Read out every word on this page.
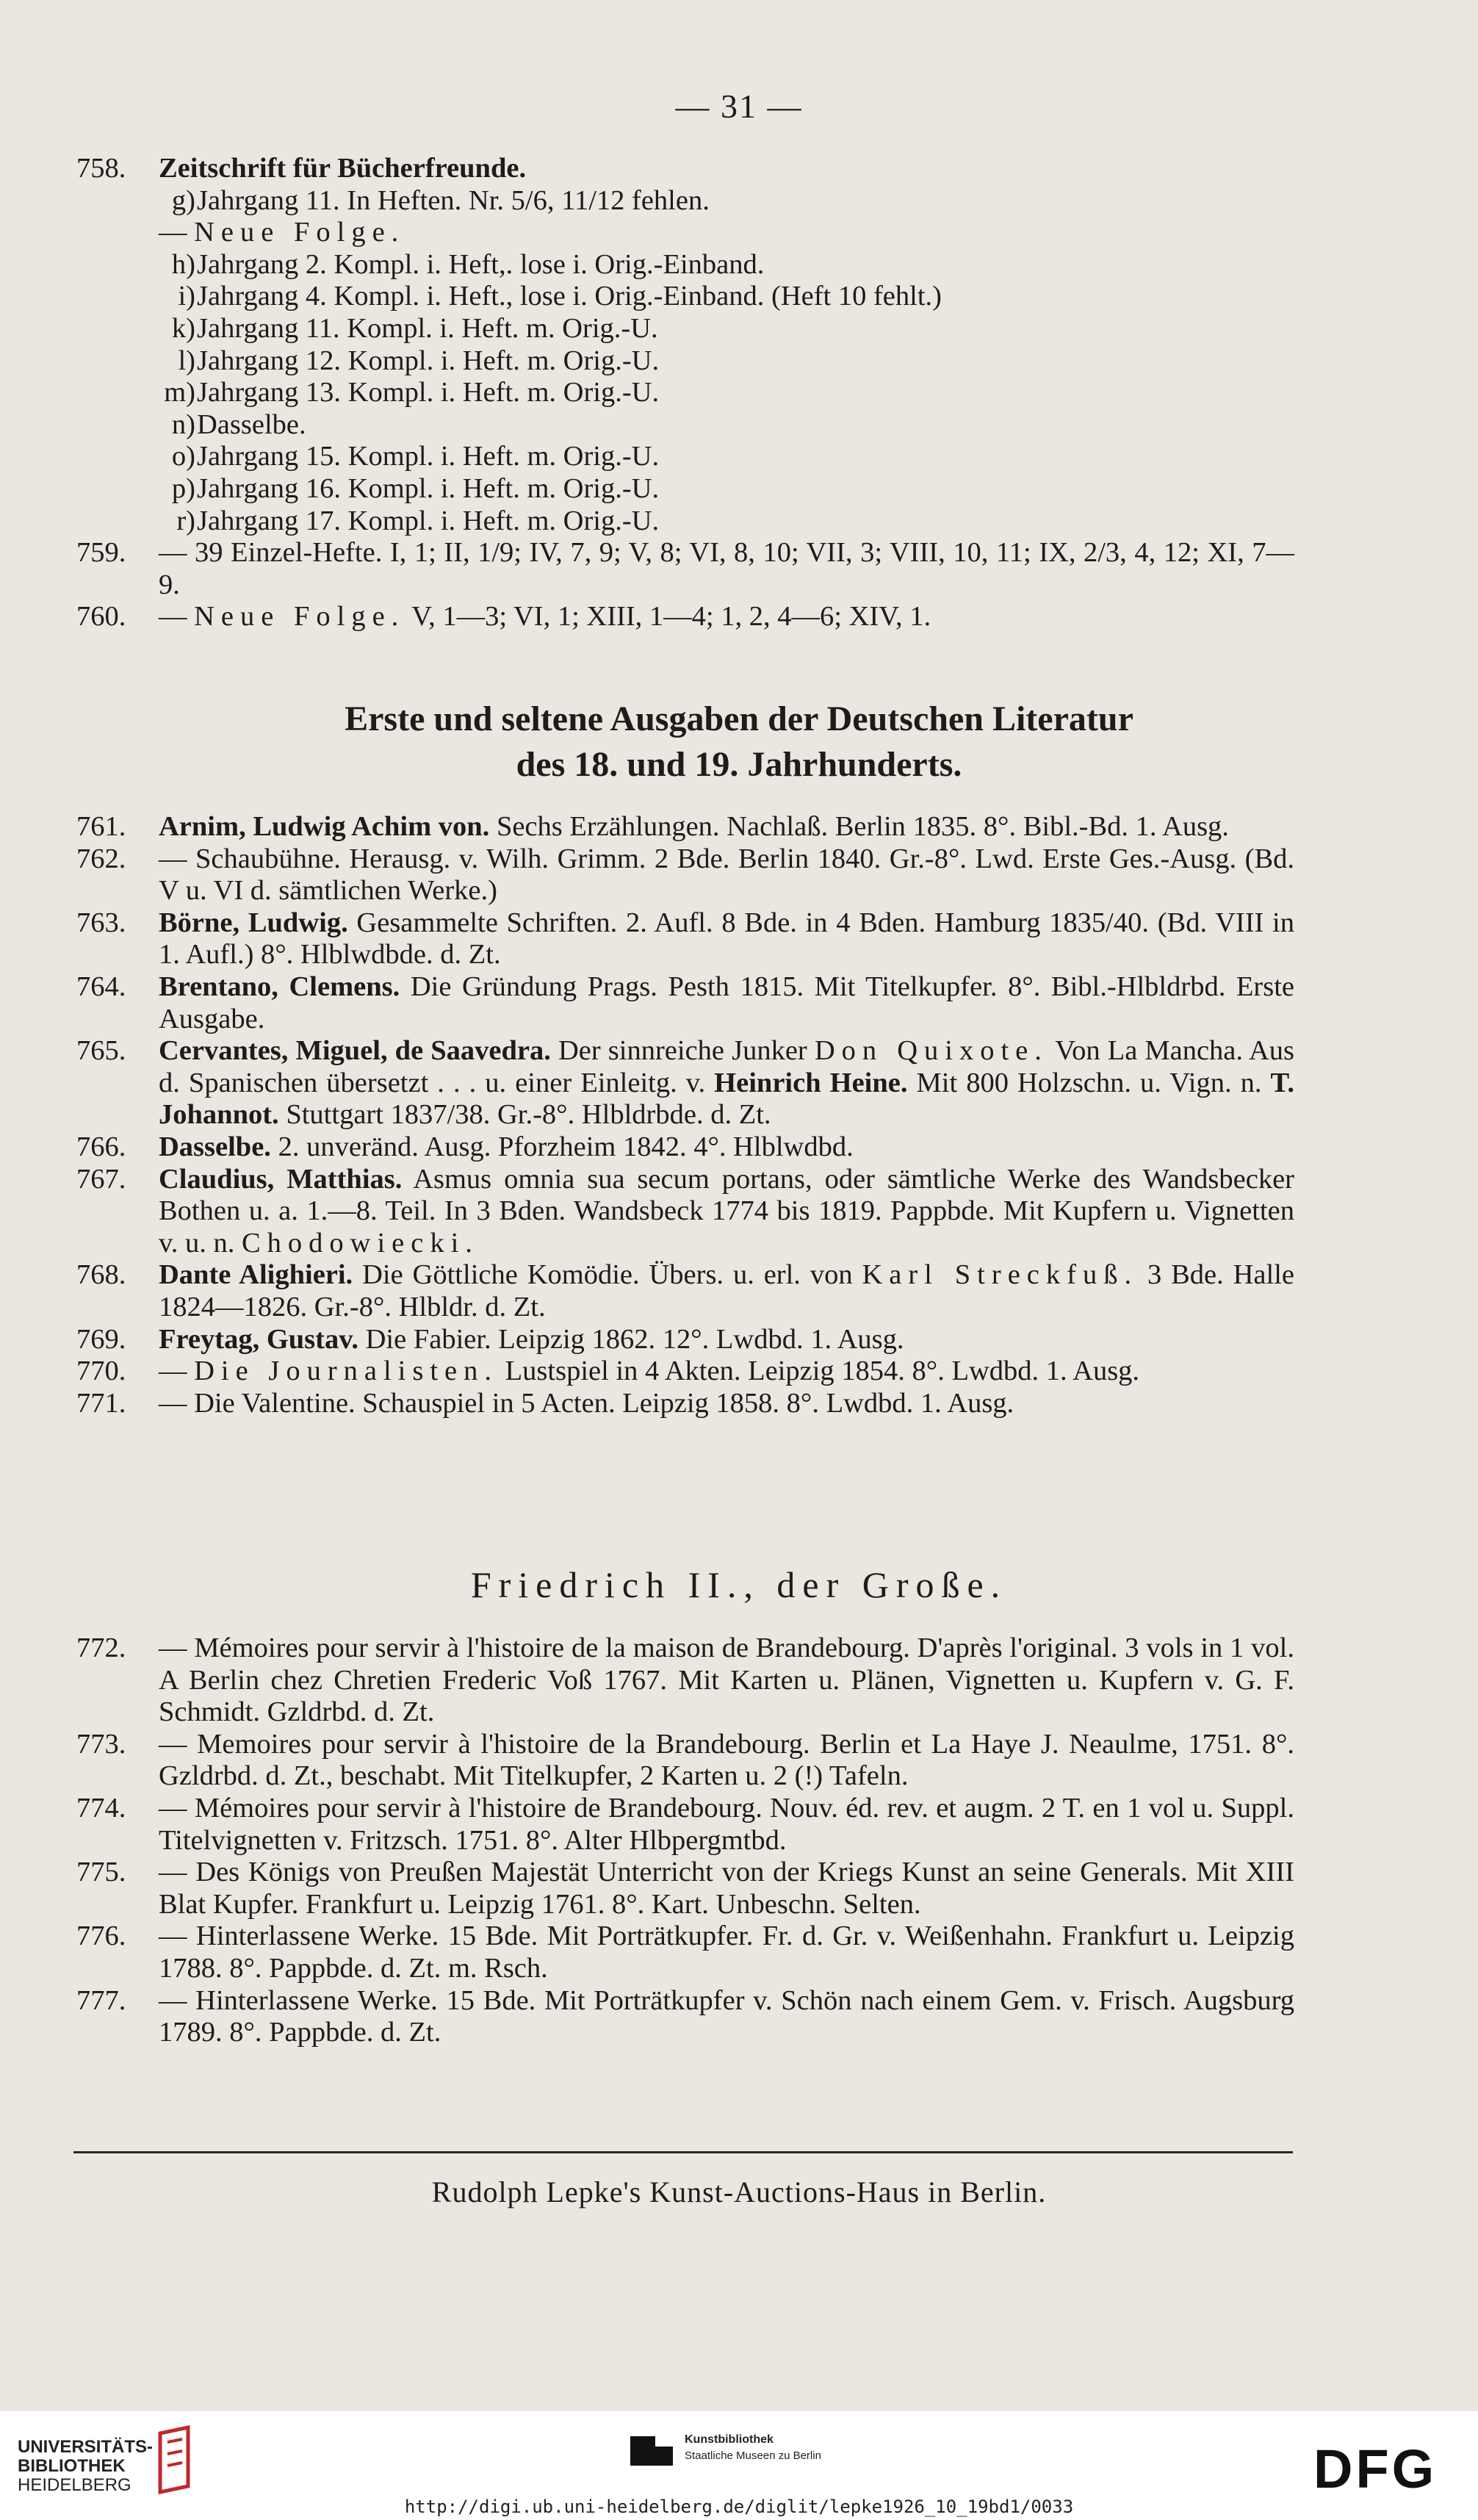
— 31 —
758.	Zeitschrift für Bücherfreunde.
g) Jahrgang 11. In Heften. Nr. 5/6, 11/12 fehlen.
— Neue Folge.
h) Jahrgang 2. Kompl. i. Heft,. lose i. Orig.-Einband.
i) Jahrgang 4. Kompl. i. Heft., lose i. Orig.-Einband. (Heft 10 fehlt.)
k) Jahrgang 11. Kompl. i. Heft. m. Orig.-U.
l) Jahrgang 12. Kompl. i. Heft. m. Orig.-U.
m) Jahrgang 13. Kompl. i. Heft. m. Orig.-U.
n) Dasselbe.
o) Jahrgang 15. Kompl. i. Heft. m. Orig.-U.
p) Jahrgang 16. Kompl. i. Heft. m. Orig.-U.
r) Jahrgang 17. Kompl. i. Heft. m. Orig.-U.
759.	— 39 Einzel-Hefte. I, 1; II, 1/9; IV, 7, 9; V, 8; VI, 8, 10; VII, 3; VIII, 10, 11; IX, 2/3, 4, 12; XI, 7—9.
760.	— Neue Folge. V, 1—3; VI, 1; XIII, 1—4; 1, 2, 4—6; XIV, 1.
Erste und seltene Ausgaben der Deutschen Literatur
des 18. und 19. Jahrhunderts.
761.	Arnim, Ludwig Achim von. Sechs Erzählungen. Nachlaß. Berlin 1835. 8°. Bibl.-Bd. 1. Ausg.
762.	— Schaubühne. Herausg. v. Wilh. Grimm. 2 Bde. Berlin 1840. Gr.-8°. Lwd. Erste Ges.-Ausg. (Bd. V u. VI d. sämtlichen Werke.)
763.	Börne, Ludwig. Gesammelte Schriften. 2. Aufl. 8 Bde. in 4 Bden. Hamburg 1835/40. (Bd. VIII in 1. Aufl.) 8°. Hlblwdbde. d. Zt.
764.	Brentano, Clemens. Die Gründung Prags. Pesth 1815. Mit Titelkupfer. 8°. Bibl.-Hlbldrbd. Erste Ausgabe.
765.	Cervantes, Miguel, de Saavedra. Der sinnreiche Junker Don Quixote. Von La Mancha. Aus d. Spanischen übersetzt . . . u. einer Einleitg. v. Heinrich Heine. Mit 800 Holzschn. u. Vign. n. T. Johannot. Stuttgart 1837/38. Gr.-8°. Hlbldrbde. d. Zt.
766.	Dasselbe. 2. unveränd. Ausg. Pforzheim 1842. 4°. Hlblwdbd.
767.	Claudius, Matthias. Asmus omnia sua secum portans, oder sämtliche Werke des Wandsbecker Bothen u. a. 1.—8. Teil. In 3 Bden. Wandsbeck 1774 bis 1819. Pappbde. Mit Kupfern u. Vignetten v. u. n. Chodowiecki.
768.	Dante Alighieri. Die Göttliche Komödie. Übers. u. erl. von Karl Streckfuß. 3 Bde. Halle 1824—1826. Gr.-8°. Hlbldr. d. Zt.
769.	Freytag, Gustav. Die Fabier. Leipzig 1862. 12°. Lwdbd. 1. Ausg.
770.	— Die Journalisten. Lustspiel in 4 Akten. Leipzig 1854. 8°. Lwdbd. 1. Ausg.
771.	— Die Valentine. Schauspiel in 5 Acten. Leipzig 1858. 8°. Lwdbd. 1. Ausg.
Friedrich II., der Große.
772.	— Mémoires pour servir à l'histoire de la maison de Brandebourg. D'après l'original. 3 vols in 1 vol. A Berlin chez Chretien Frederic Voß 1767. Mit Karten u. Plänen, Vignetten u. Kupfern v. G. F. Schmidt. Gzldrbd. d. Zt.
773.	— Memoires pour servir à l'histoire de la Brandebourg. Berlin et La Haye J. Neaulme, 1751. 8°. Gzldrbd. d. Zt., beschabt. Mit Titelkupfer, 2 Karten u. 2 (!) Tafeln.
774.	— Mémoires pour servir à l'histoire de Brandebourg. Nouv. éd. rev. et augm. 2 T. en 1 vol u. Suppl. Titelvignetten v. Fritzsch. 1751. 8°. Alter Hlbpergmtbd.
775.	— Des Königs von Preußen Majestät Unterricht von der Kriegs Kunst an seine Generals. Mit XIII Blat Kupfer. Frankfurt u. Leipzig 1761. 8°. Kart. Unbeschn. Selten.
776.	— Hinterlassene Werke. 15 Bde. Mit Porträtkupfer. Fr. d. Gr. v. Weißenhahn. Frankfurt u. Leipzig 1788. 8°. Pappbde. d. Zt. m. Rsch.
777.	— Hinterlassene Werke. 15 Bde. Mit Porträtkupfer v. Schön nach einem Gem. v. Frisch. Augsburg 1789. 8°. Pappbde. d. Zt.
Rudolph Lepke's Kunst-Auctions-Haus in Berlin.
UNIVERSITÄTS-
BIBLIOTHEK
HEIDELBERG
Kunstbibliothek
Staatliche Museen zu Berlin	DFG
http://digi.ub.uni-heidelberg.de/diglit/lepke1926_10_19bd1/0033
